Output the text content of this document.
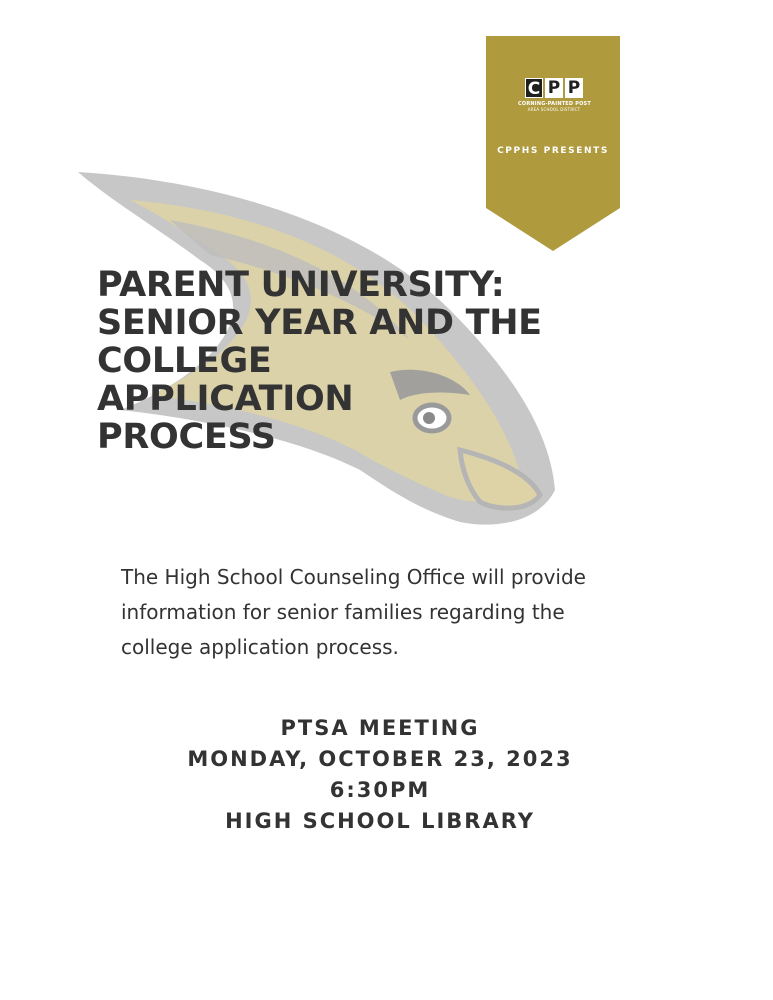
C P P
CORNING-PAINTED POST
AREA SCHOOL DISTRICT
CPPHS PRESENTS
PARENT UNIVERSITY:
SENIOR YEAR AND THE
COLLEGE
APPLICATION
PROCESS

The High School Counseling Office will provide information for senior families regarding the college application process.

PTSA MEETING
MONDAY, OCTOBER 23, 2023
6:30PM
HIGH SCHOOL LIBRARY
